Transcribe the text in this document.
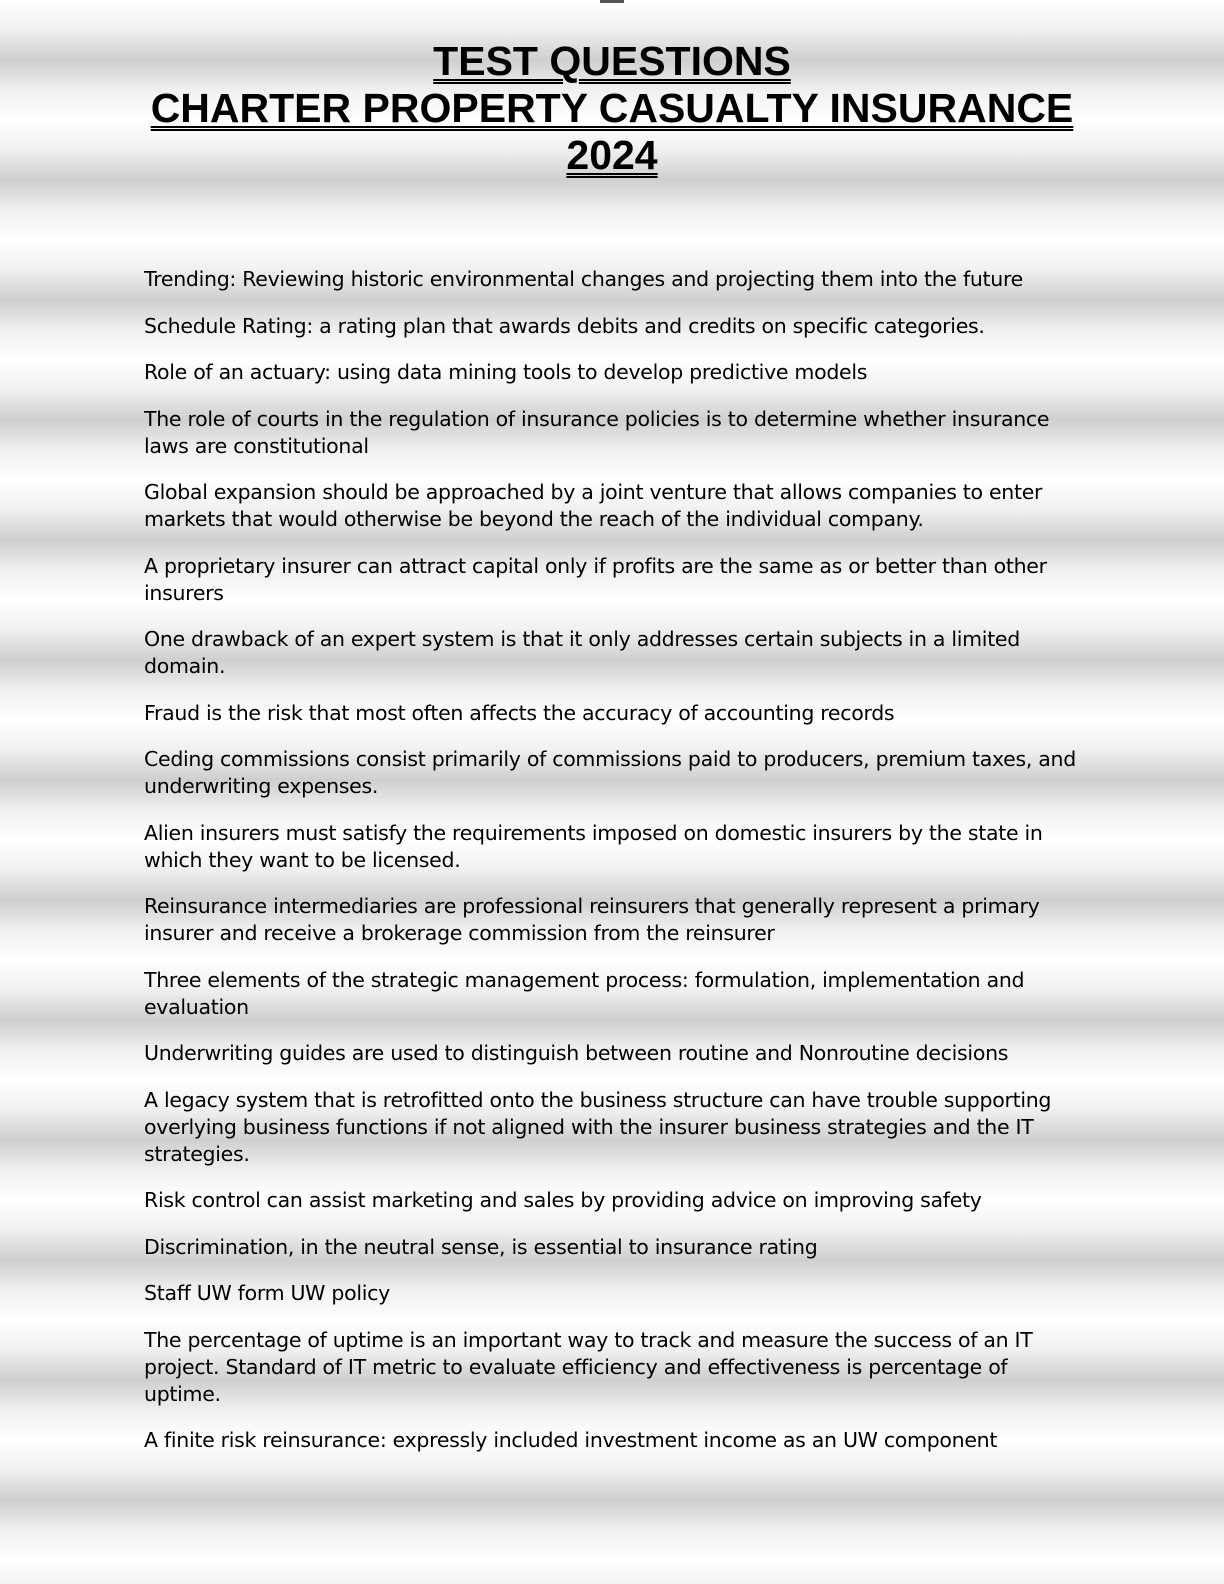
TEST QUESTIONS
CHARTER PROPERTY CASUALTY INSURANCE
2024

Trending: Reviewing historic environmental changes and projecting them into the future

Schedule Rating: a rating plan that awards debits and credits on specific categories.

Role of an actuary: using data mining tools to develop predictive models

The role of courts in the regulation of insurance policies is to determine whether insurance laws are constitutional

Global expansion should be approached by a joint venture that allows companies to enter markets that would otherwise be beyond the reach of the individual company.

A proprietary insurer can attract capital only if profits are the same as or better than other insurers

One drawback of an expert system is that it only addresses certain subjects in a limited domain.

Fraud is the risk that most often affects the accuracy of accounting records

Ceding commissions consist primarily of commissions paid to producers, premium taxes, and underwriting expenses.

Alien insurers must satisfy the requirements imposed on domestic insurers by the state in which they want to be licensed.

Reinsurance intermediaries are professional reinsurers that generally represent a primary insurer and receive a brokerage commission from the reinsurer

Three elements of the strategic management process: formulation, implementation and evaluation

Underwriting guides are used to distinguish between routine and Nonroutine decisions

A legacy system that is retrofitted onto the business structure can have trouble supporting overlying business functions if not aligned with the insurer business strategies and the IT strategies.

Risk control can assist marketing and sales by providing advice on improving safety

Discrimination, in the neutral sense, is essential to insurance rating

Staff UW form UW policy

The percentage of uptime is an important way to track and measure the success of an IT project. Standard of IT metric to evaluate efficiency and effectiveness is percentage of uptime.

A finite risk reinsurance: expressly included investment income as an UW component
